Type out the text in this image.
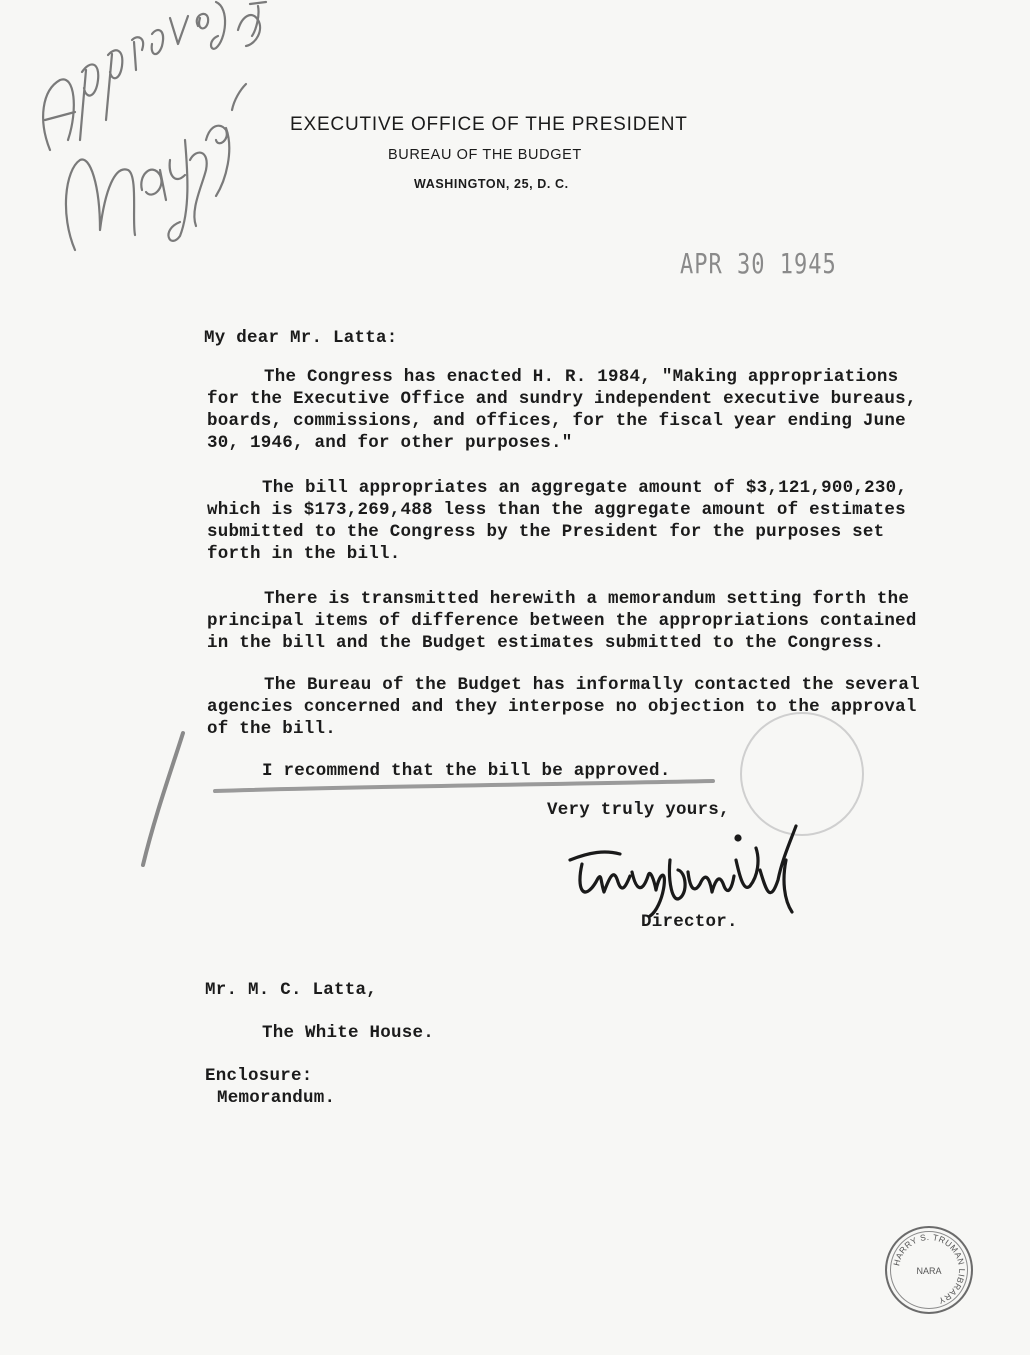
EXECUTIVE OFFICE OF THE PRESIDENT
BUREAU OF THE BUDGET
WASHINGTON, 25, D. C.
APR 30 1945
My dear Mr. Latta:
The Congress has enacted H. R. 1984, "Making appropriations
for the Executive Office and sundry independent executive bureaus,
boards, commissions, and offices, for the fiscal year ending June
30, 1946, and for other purposes."
The bill appropriates an aggregate amount of $3,121,900,230,
which is $173,269,488 less than the aggregate amount of estimates
submitted to the Congress by the President for the purposes set
forth in the bill.
There is transmitted herewith a memorandum setting forth the
principal items of difference between the appropriations contained
in the bill and the Budget estimates submitted to the Congress.
The Bureau of the Budget has informally contacted the several
agencies concerned and they interpose no objection to the approval
of the bill.
I recommend that the bill be approved.
Very truly yours,
Director.
Mr. M. C. Latta,
The White House.
Enclosure:
Memorandum.
HARRY S. TRUMAN LIBRARY
NARA
